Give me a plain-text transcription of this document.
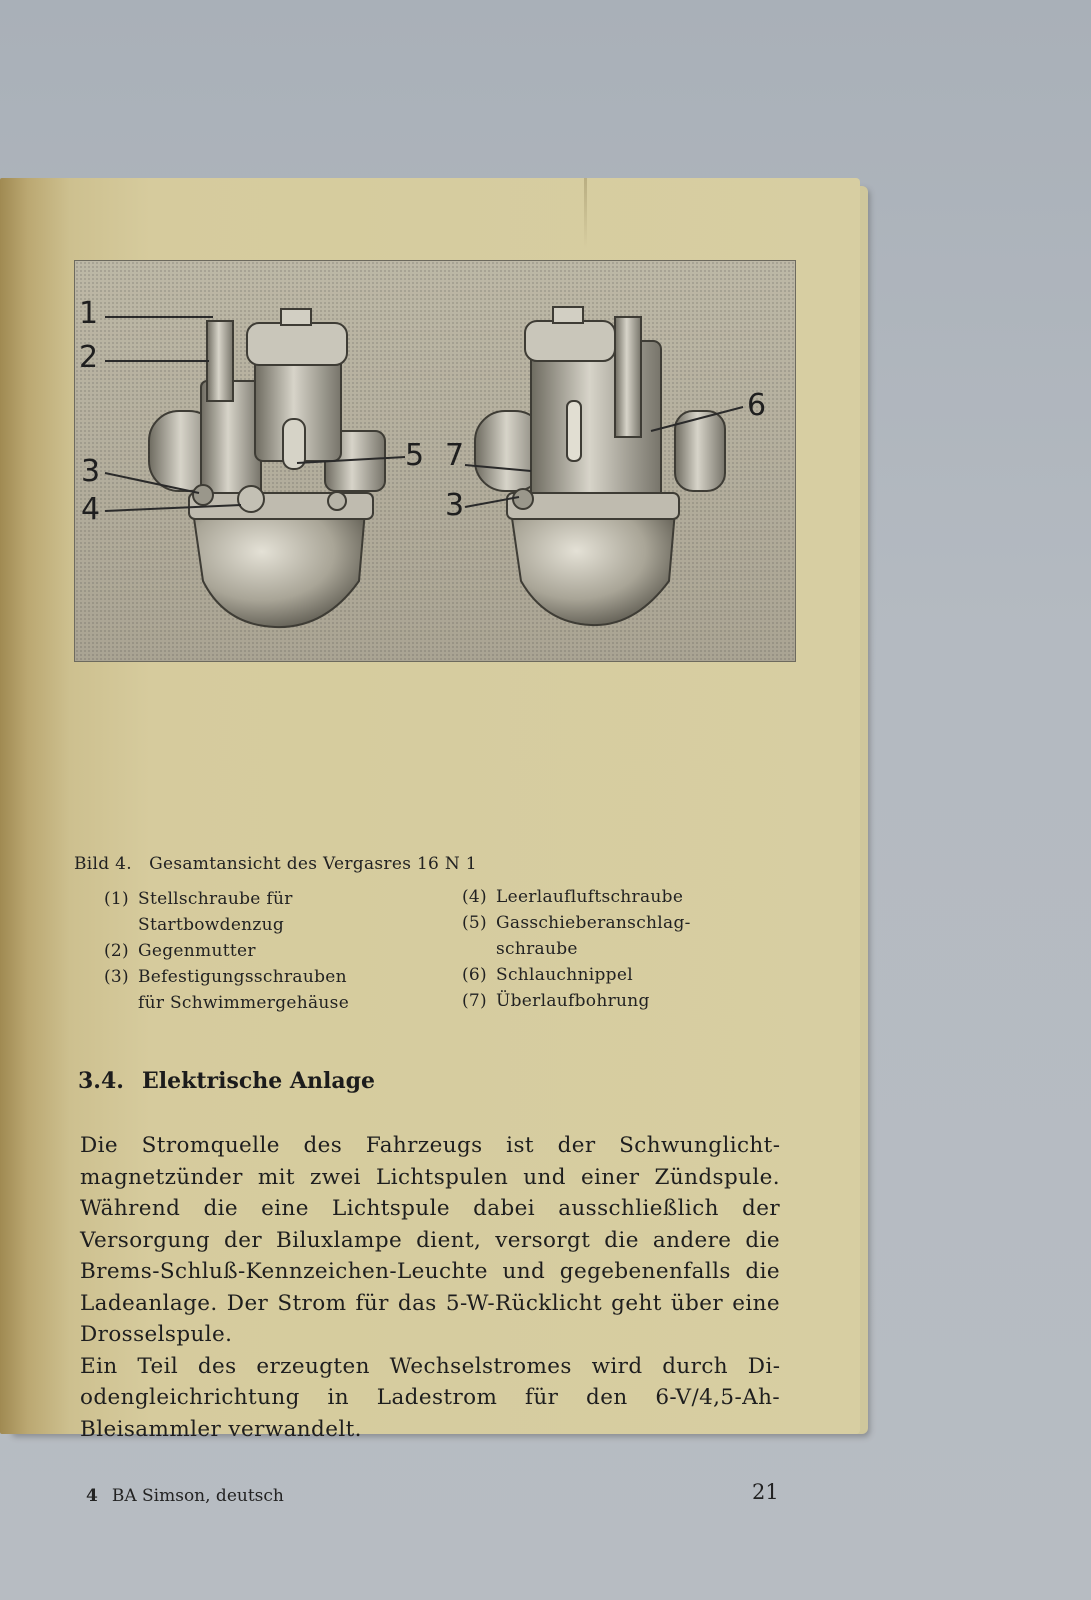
1
2
3
4
5 7
3
6
Bild 4. Gesamtansicht des Vergasres 16 N 1
(1) Stellschraube für
Startbowdenzug
(2) Gegenmutter
(3) Befestigungsschrauben
für Schwimmergehäuse
(4) Leerlaufluftschraube
(5) Gasschieberanschlag-
schraube
(6) Schlauchnippel
(7) Überlaufbohrung
3.4. Elektrische Anlage

Die Stromquelle des Fahrzeugs ist der Schwunglichtmagnetzünder mit zwei Lichtspulen und einer Zündspule. Während die eine Lichtspule dabei ausschließlich der Versorgung der Biluxlampe dient, versorgt die andere die Brems-Schluß-Kennzeichen-Leuchte und gegebenenfalls die Ladeanlage. Der Strom für das 5-W-Rücklicht geht über eine Drosselspule.

Ein Teil des erzeugten Wechselstromes wird durch Diodengleichrichtung in Ladestrom für den 6-V/4,5-Ah-Bleisammler verwandelt.

4 BA Simson, deutsch	21
